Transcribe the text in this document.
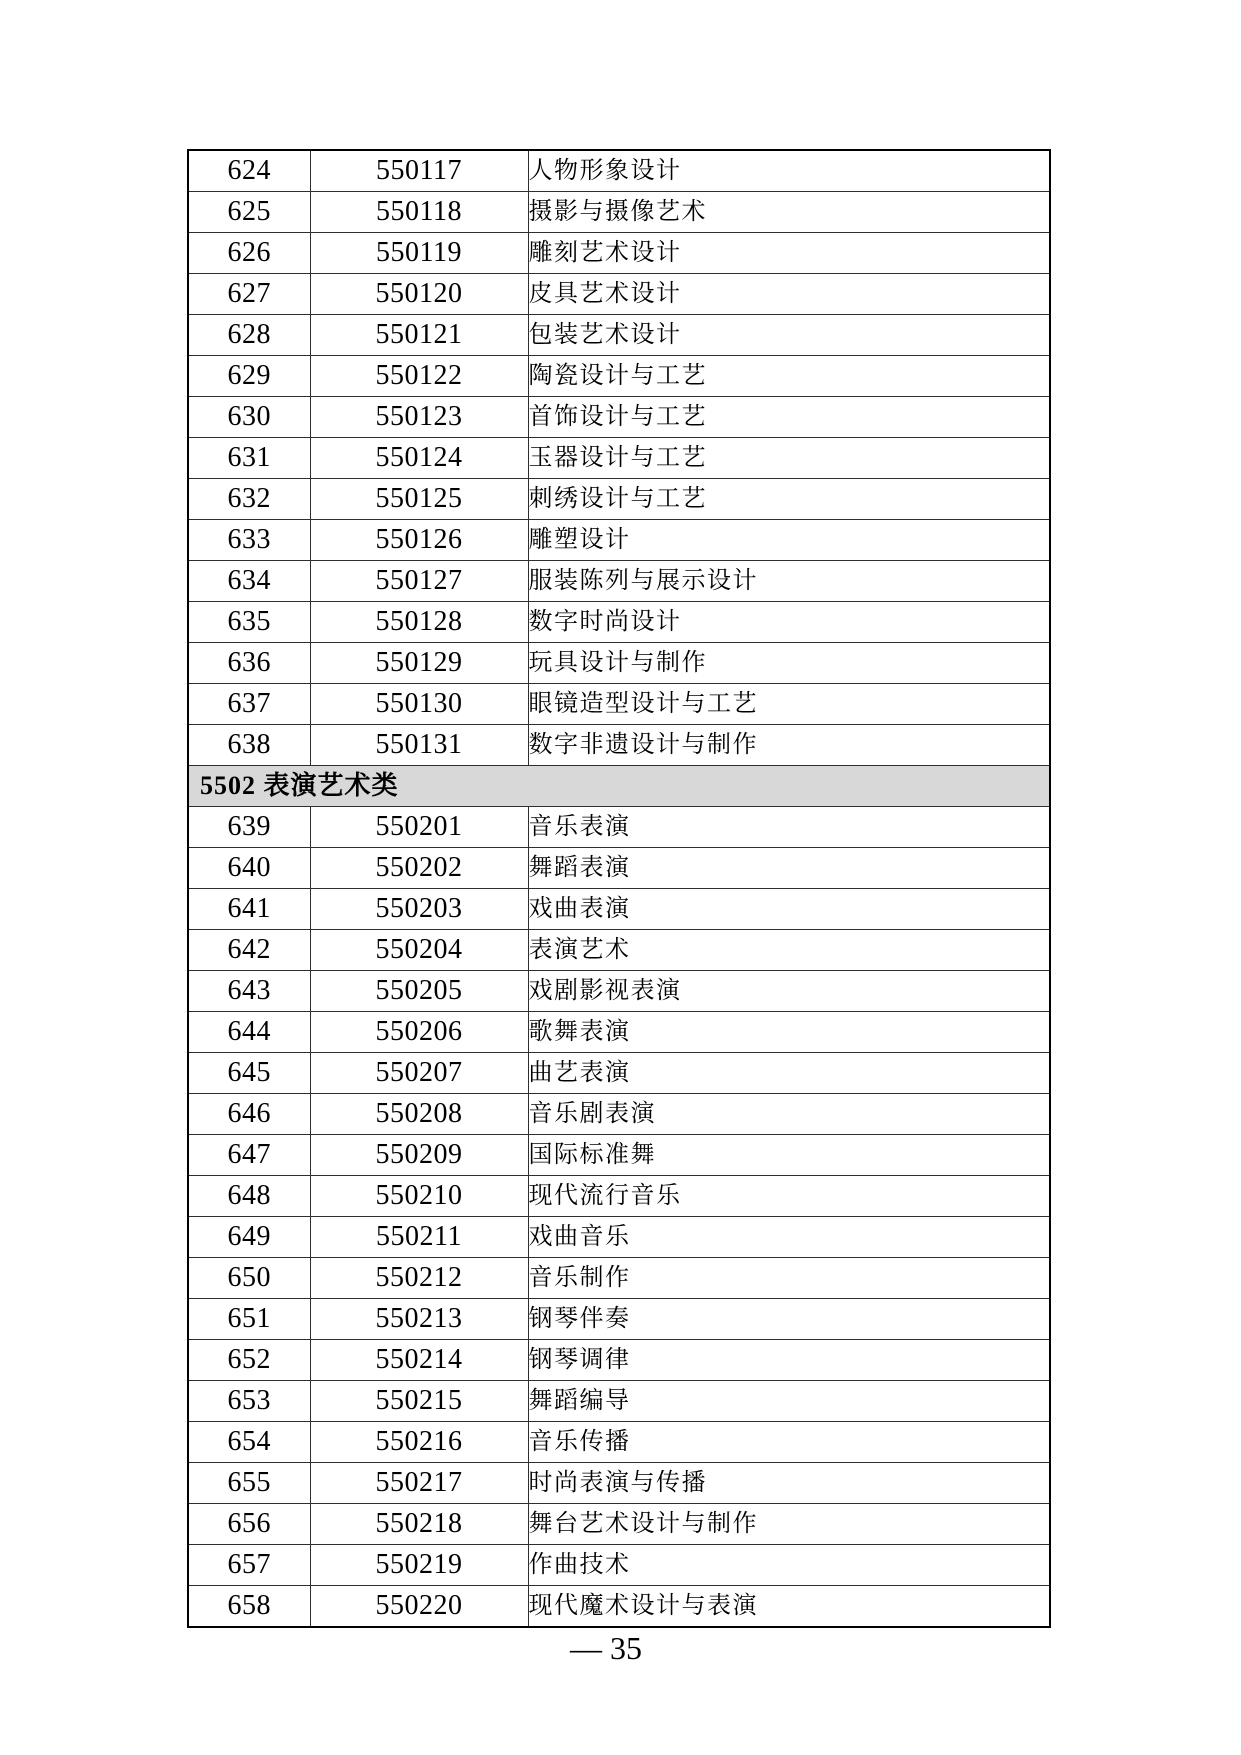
624	550117	人物形象设计
625	550118	摄影与摄像艺术
626	550119	雕刻艺术设计
627	550120	皮具艺术设计
628	550121	包装艺术设计
629	550122	陶瓷设计与工艺
630	550123	首饰设计与工艺
631	550124	玉器设计与工艺
632	550125	刺绣设计与工艺
633	550126	雕塑设计
634	550127	服装陈列与展示设计
635	550128	数字时尚设计
636	550129	玩具设计与制作
637	550130	眼镜造型设计与工艺
638	550131	数字非遗设计与制作
5502 表演艺术类		
639	550201	音乐表演
640	550202	舞蹈表演
641	550203	戏曲表演
642	550204	表演艺术
643	550205	戏剧影视表演
644	550206	歌舞表演
645	550207	曲艺表演
646	550208	音乐剧表演
647	550209	国际标准舞
648	550210	现代流行音乐
649	550211	戏曲音乐
650	550212	音乐制作
651	550213	钢琴伴奏
652	550214	钢琴调律
653	550215	舞蹈编导
654	550216	音乐传播
655	550217	时尚表演与传播
656	550218	舞台艺术设计与制作
657	550219	作曲技术
658	550220	现代魔术设计与表演
— 35
